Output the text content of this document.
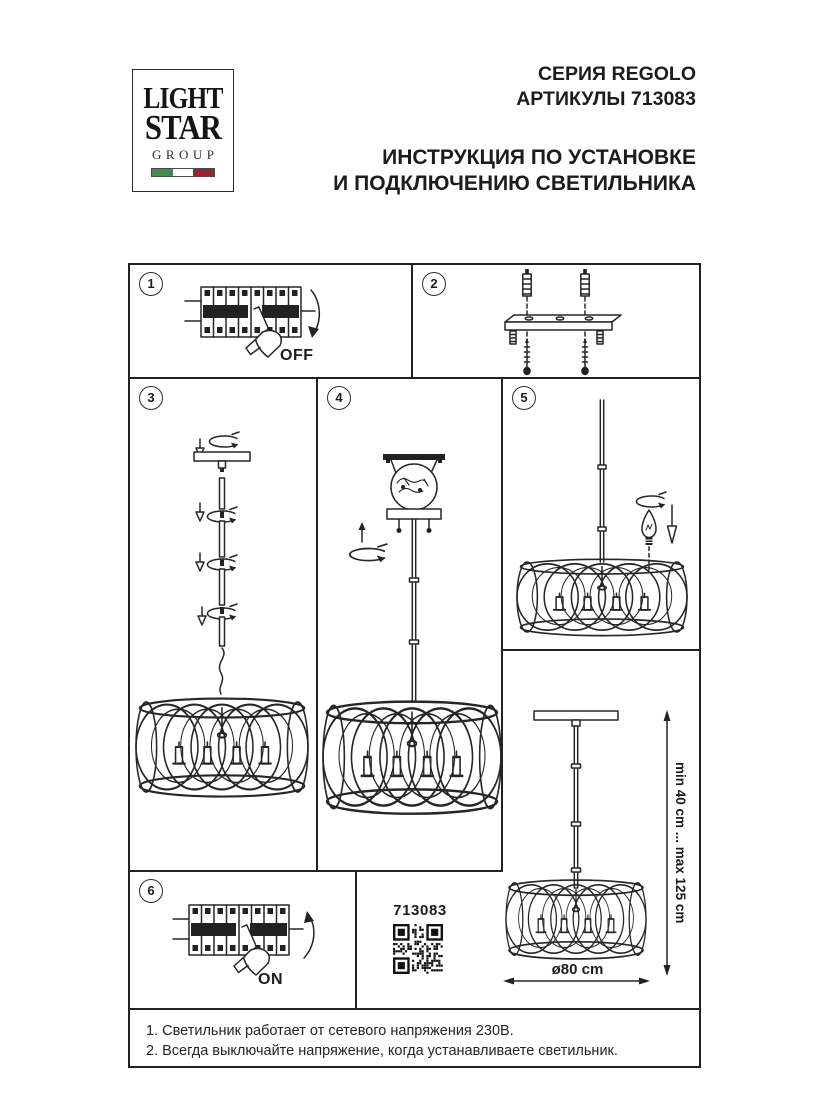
LIGHT
STAR
GROUP
СЕРИЯ REGOLO
АРТИКУЛЫ 713083
ИНСТРУКЦИЯ ПО УСТАНОВКЕ
И ПОДКЛЮЧЕНИЮ СВЕТИЛЬНИКА
1
OFF
2
3	4	5
min 40 cm ... max 125 cm
ø80 cm
6
ON
713083
1. Светильник работает от сетевого напряжения 230В.
2. Всегда выключайте напряжение, когда устанавливаете светильник.
